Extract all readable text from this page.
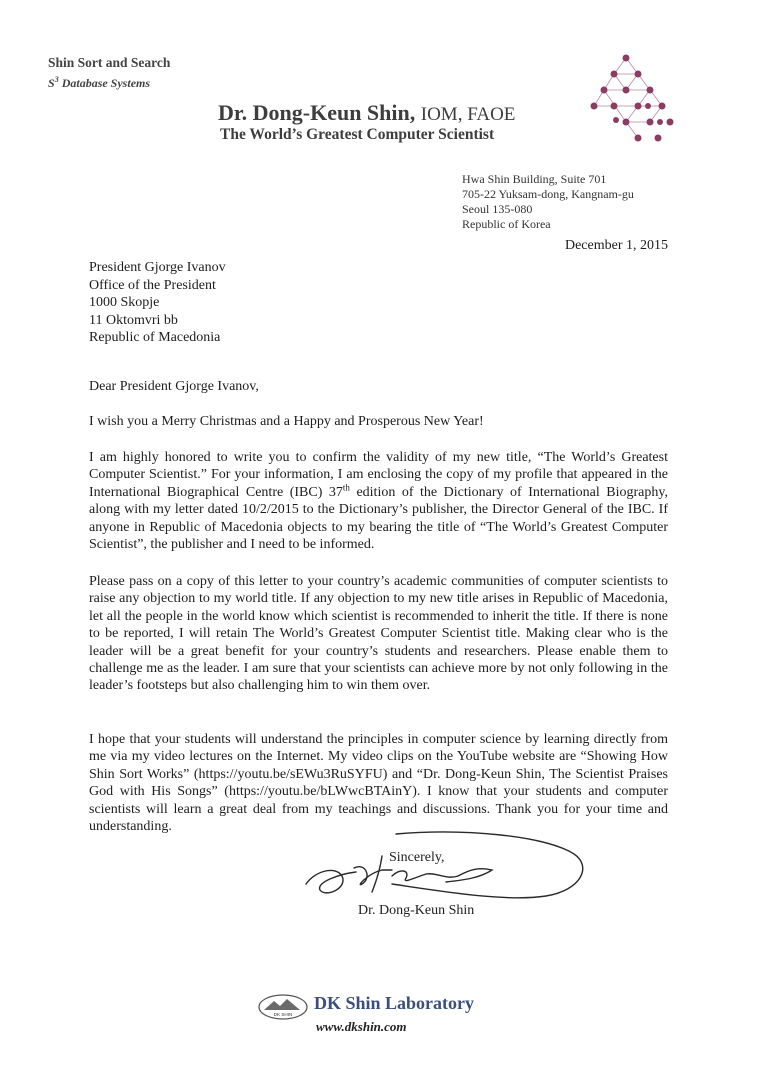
Shin Sort and Search
$S^3$ Database Systems
Dr. Dong-Keun Shin, IOM, FAOE
The World’s Greatest Computer Scientist
Hwa Shin Building, Suite 701
705-22 Yuksam-dong, Kangnam-gu
Seoul 135-080
Republic of Korea
December 1, 2015
President Gjorge Ivanov
Office of the President
1000 Skopje
11 Oktomvri bb
Republic of Macedonia

Dear President Gjorge Ivanov,

I wish you a Merry Christmas and a Happy and Prosperous New Year!

I am highly honored to write you to confirm the validity of my new title, “The World’s Greatest Computer Scientist.” For your information, I am enclosing the copy of my profile that appeared in the International Biographical Centre (IBC) 37th edition of the Dictionary of International Biography, along with my letter dated 10/2/2015 to the Dictionary’s publisher, the Director General of the IBC. If anyone in Republic of Macedonia objects to my bearing the title of “The World’s Greatest Computer Scientist”, the publisher and I need to be informed.

Please pass on a copy of this letter to your country’s academic communities of computer scientists to raise any objection to my world title. If any objection to my new title arises in Republic of Macedonia, let all the people in the world know which scientist is recommended to inherit the title. If there is none to be reported, I will retain The World’s Greatest Computer Scientist title. Making clear who is the leader will be a great benefit for your country’s students and researchers. Please enable them to challenge me as the leader. I am sure that your scientists can achieve more by not only following in the leader’s footsteps but also challenging him to win them over.

I hope that your students will understand the principles in computer science by learning directly from me via my video lectures on the Internet. My video clips on the YouTube website are “Showing How Shin Sort Works” (https://youtu.be/sEWu3RuSYFU) and “Dr. Dong-Keun Shin, The Scientist Praises God with His Songs” (https://youtu.be/bLWwcBTAinY). I know that your students and computer scientists will learn a great deal from my teachings and discussions. Thank you for your time and understanding.

Sincerely,
Dr. Dong-Keun Shin
DK SHIN
DK Shin Laboratory
www.dkshin.com
